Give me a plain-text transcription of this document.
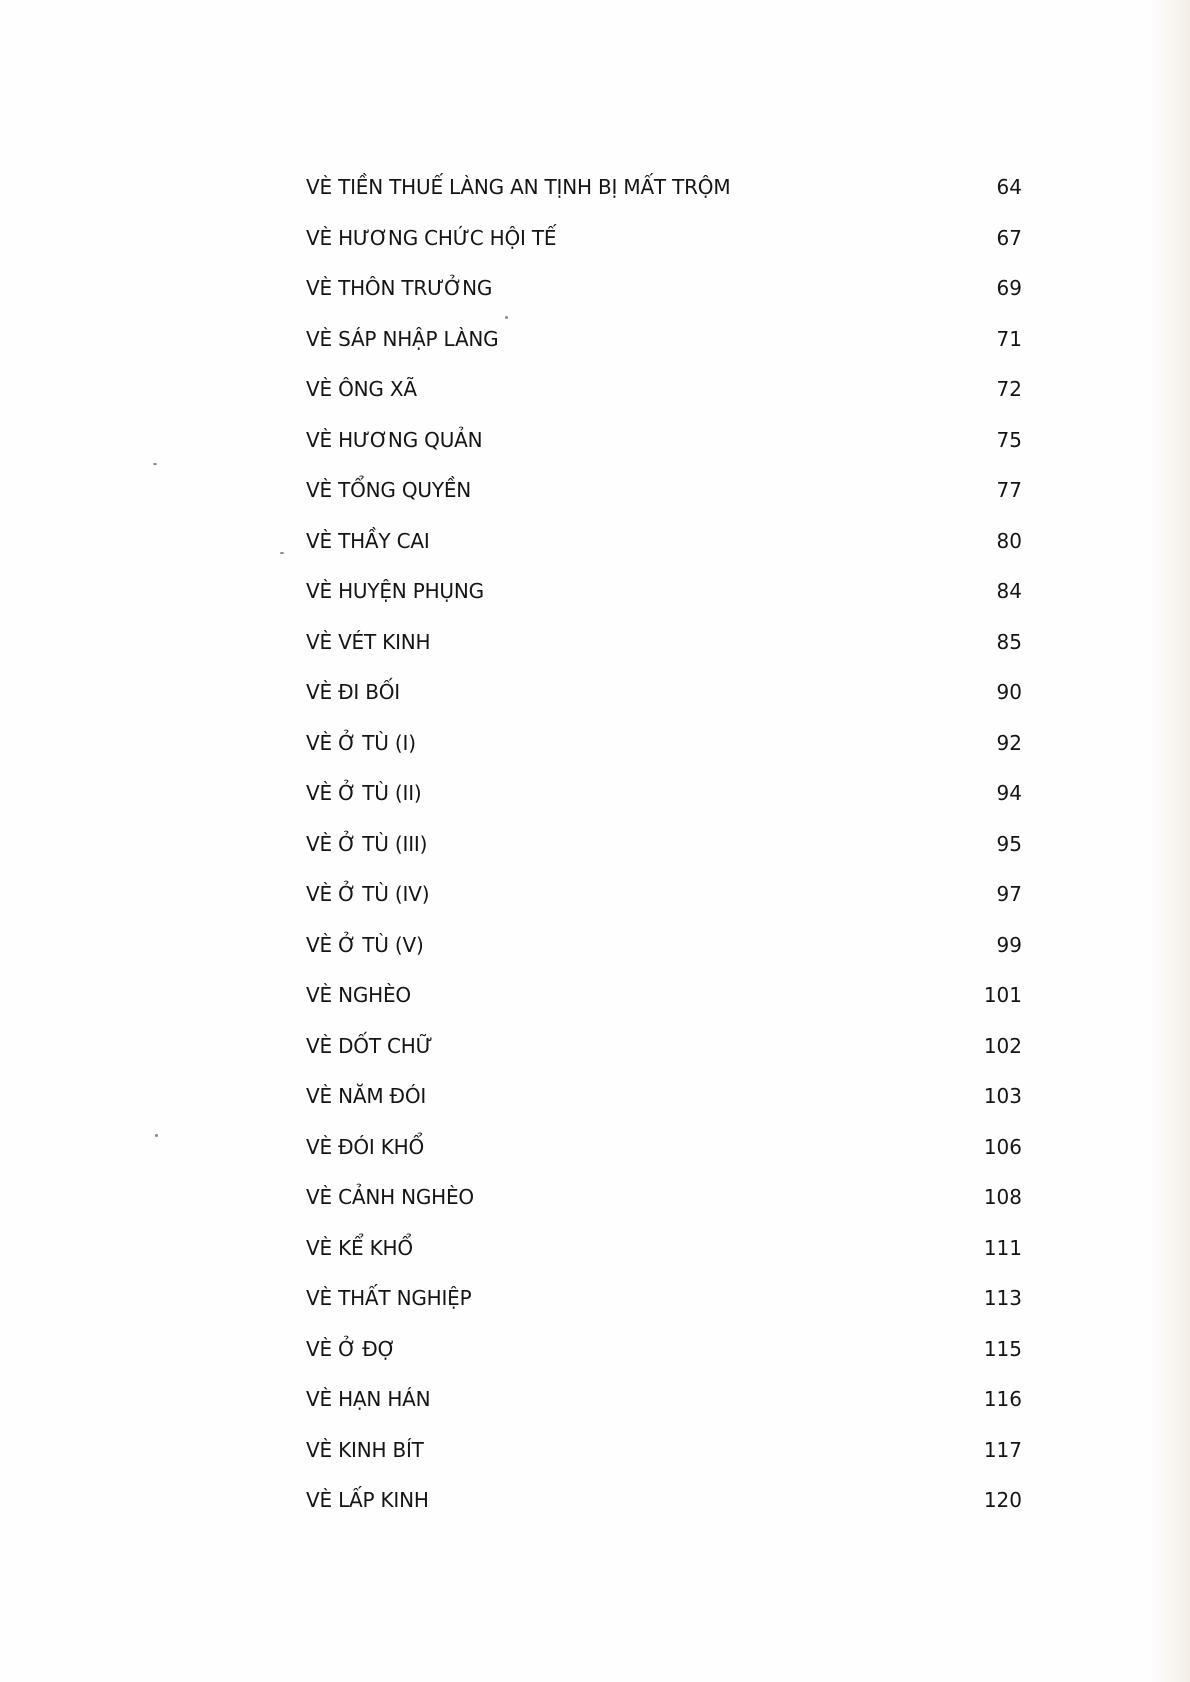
VÈ TIỀN THUẾ LÀNG AN TỊNH BỊ MẤT TRỘM	64
VÈ HƯƠNG CHỨC HỘI TẾ	67
VÈ THÔN TRƯỞNG	69
VÈ SÁP NHẬP LÀNG	71
VÈ ÔNG XÃ	72
VÈ HƯƠNG QUẢN	75
VÈ TỔNG QUYỀN	77
VÈ THẦY CAI	80
VÈ HUYỆN PHỤNG	84
VÈ VÉT KINH	85
VÈ ĐI BỐI	90
VÈ Ở TÙ (I)	92
VÈ Ở TÙ (II)	94
VÈ Ở TÙ (III)	95
VÈ Ở TÙ (IV)	97
VÈ Ở TÙ (V)	99
VÈ NGHÈO	101
VÈ DỐT CHỮ	102
VÈ NĂM ĐÓI	103
VÈ ĐÓI KHỔ	106
VÈ CẢNH NGHÈO	108
VÈ KỂ KHỔ	111
VÈ THẤT NGHIỆP	113
VÈ Ở ĐỢ	115
VÈ HẠN HÁN	116
VÈ KINH BÍT	117
VÈ LẤP KINH	120
